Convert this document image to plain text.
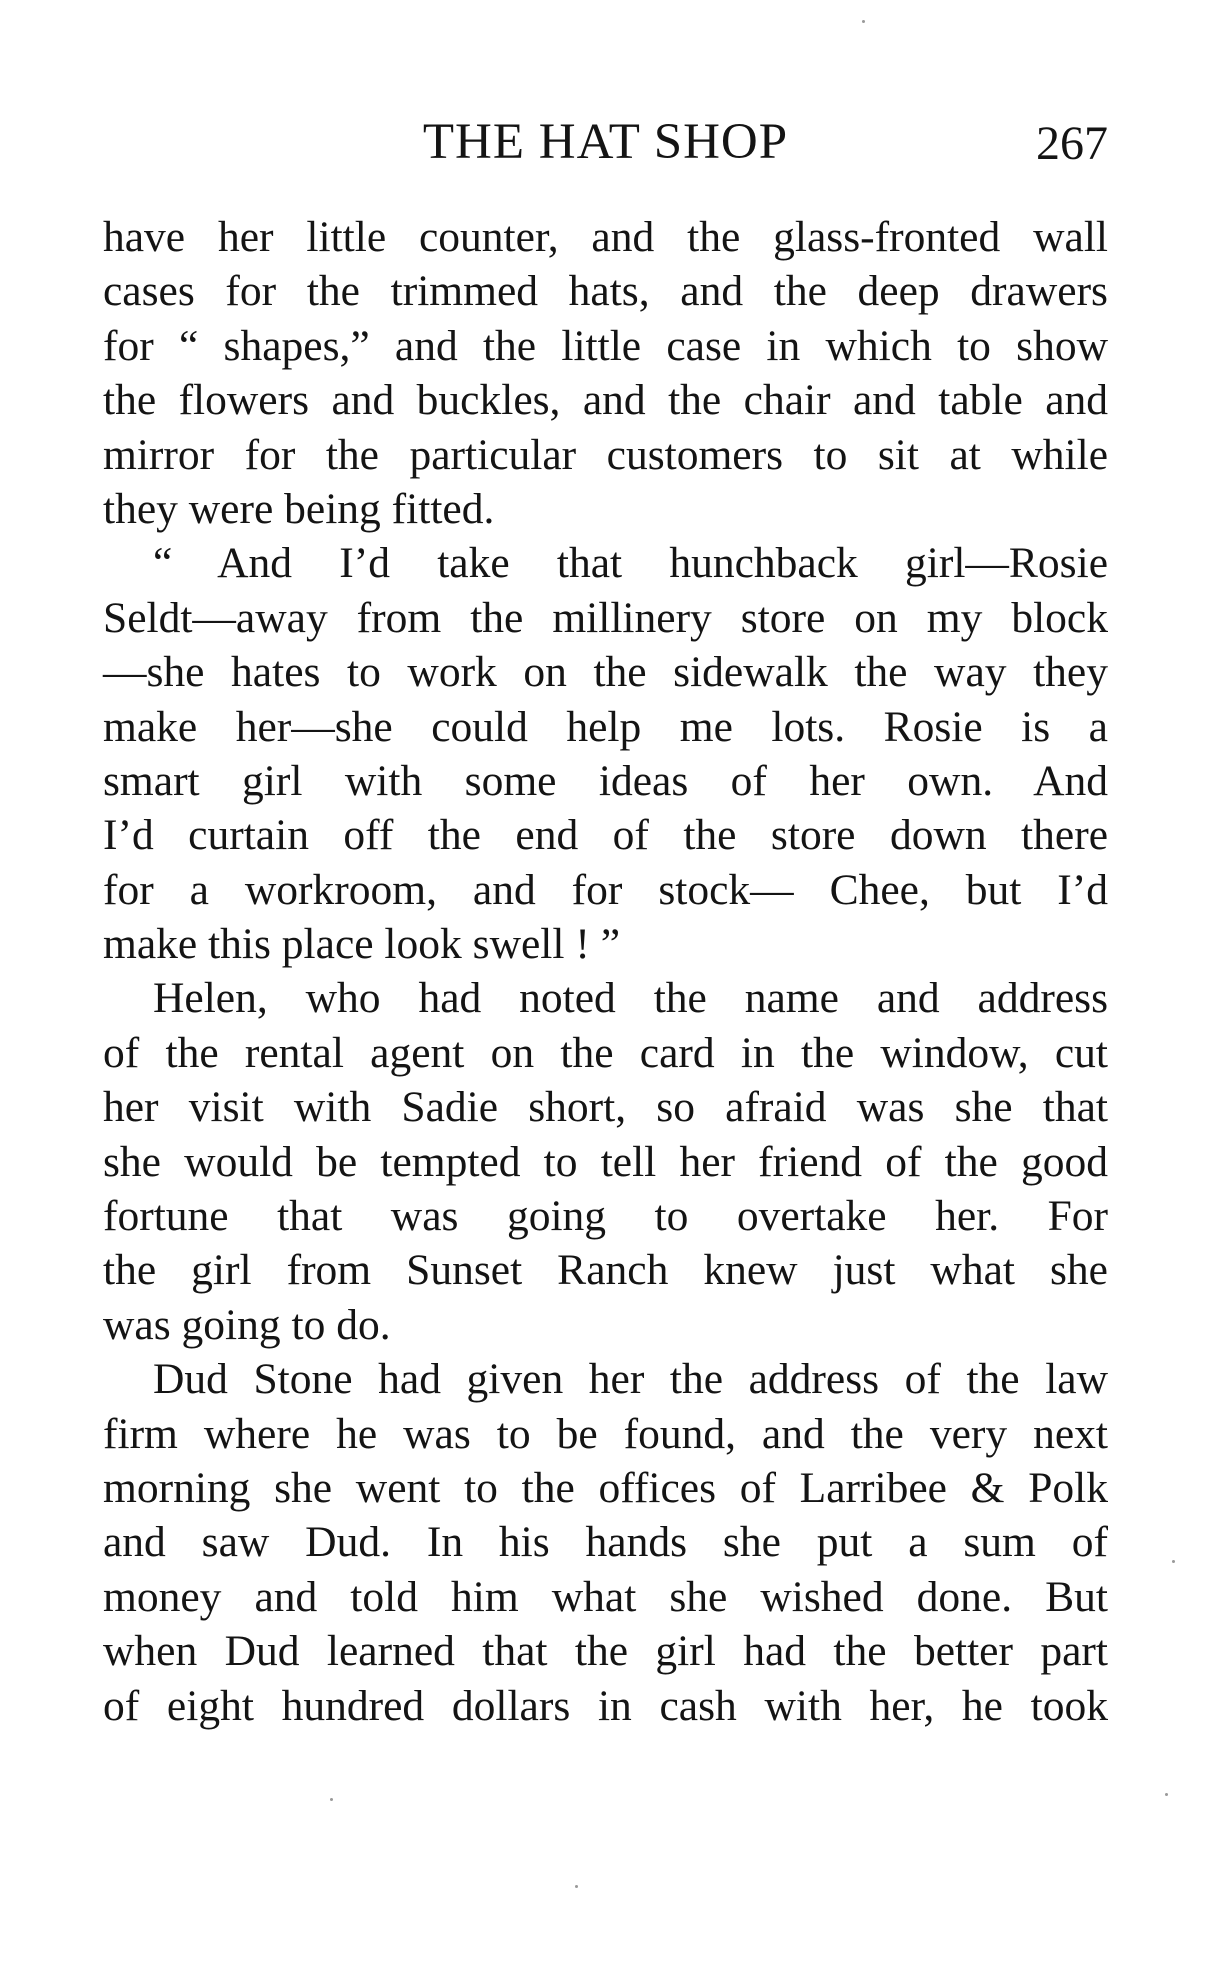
THE HAT SHOP	267
have her little counter, and the glass-fronted wall
cases for the trimmed hats, and the deep drawers
for “ shapes,” and the little case in which to show
the flowers and buckles, and the chair and table and
mirror for the particular customers to sit at while
they were being fitted.
“ And I’d take that hunchback girl—Rosie
Seldt—away from the millinery store on my block
—she hates to work on the sidewalk the way they
make her—she could help me lots. Rosie is a
smart girl with some ideas of her own. And
I’d curtain off the end of the store down there
for a workroom, and for stock— Chee, but I’d
make this place look swell ! ”
Helen, who had noted the name and address
of the rental agent on the card in the window, cut
her visit with Sadie short, so afraid was she that
she would be tempted to tell her friend of the good
fortune that was going to overtake her. For
the girl from Sunset Ranch knew just what she
was going to do.
Dud Stone had given her the address of the law
firm where he was to be found, and the very next
morning she went to the offices of Larribee & Polk
and saw Dud. In his hands she put a sum of
money and told him what she wished done. But
when Dud learned that the girl had the better part
of eight hundred dollars in cash with her, he took
